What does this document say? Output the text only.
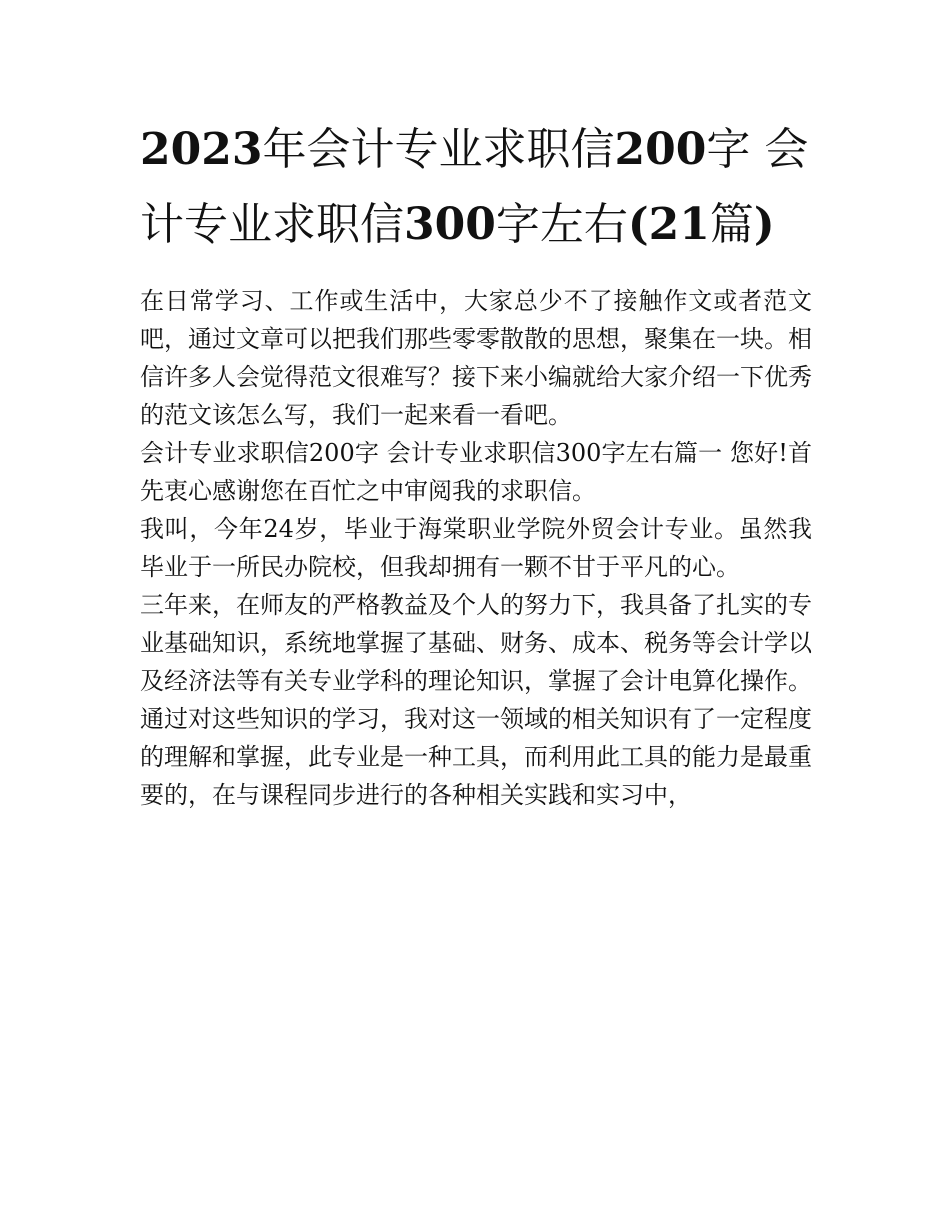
2023年会计专业求职信200字 会计专业求职信300字左右(21篇)

在日常学习、工作或生活中，大家总少不了接触作文或者范文吧，通过文章可以把我们那些零零散散的思想，聚集在一块。相信许多人会觉得范文很难写？接下来小编就给大家介绍一下优秀的范文该怎么写，我们一起来看一看吧。

会计专业求职信200字 会计专业求职信300字左右篇一 您好!首先衷心感谢您在百忙之中审阅我的求职信。

我叫，今年24岁，毕业于海棠职业学院外贸会计专业。虽然我毕业于一所民办院校，但我却拥有一颗不甘于平凡的心。

三年来，在师友的严格教益及个人的努力下，我具备了扎实的专业基础知识，系统地掌握了基础、财务、成本、税务等会计学以及经济法等有关专业学科的理论知识，掌握了会计电算化操作。通过对这些知识的学习，我对这一领域的相关知识有了一定程度的理解和掌握，此专业是一种工具，而利用此工具的能力是最重要的，在与课程同步进行的各种相关实践和实习中，
